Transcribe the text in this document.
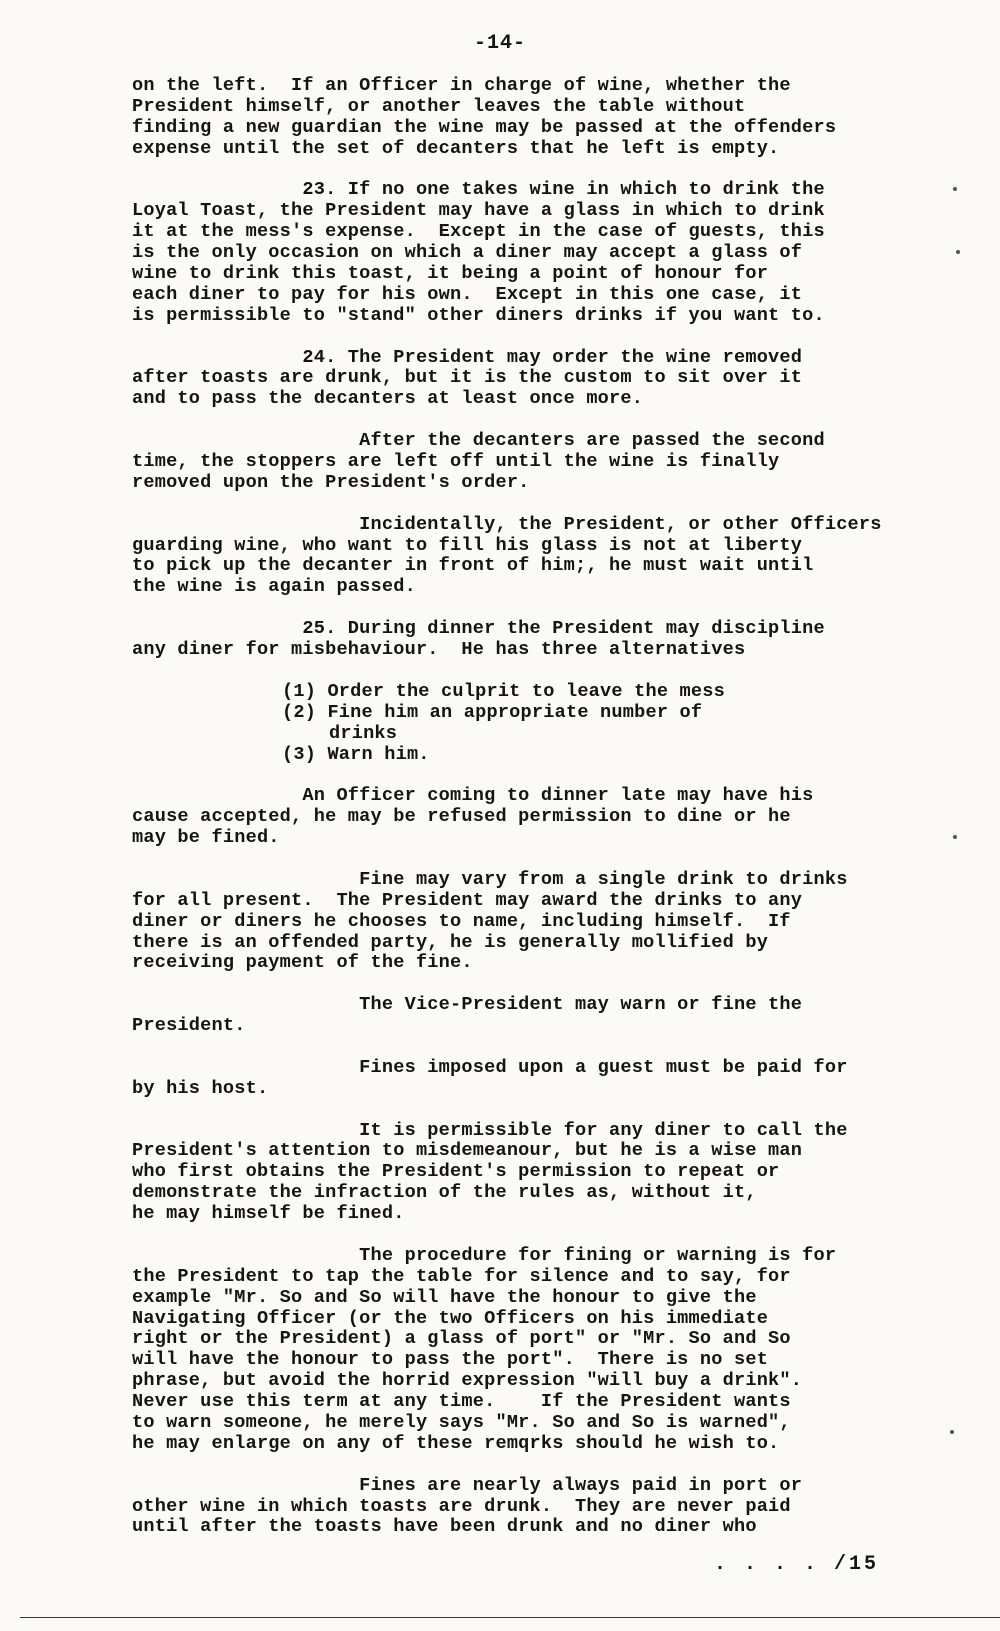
-14-
on the left.  If an Officer in charge of wine, whether the
President himself, or another leaves the table without
finding a new guardian the wine may be passed at the offenders
expense until the set of decanters that he left is empty.
23. If no one takes wine in which to drink the
Loyal Toast, the President may have a glass in which to drink
it at the mess's expense.  Except in the case of guests, this
is the only occasion on which a diner may accept a glass of
wine to drink this toast, it being a point of honour for
each diner to pay for his own.  Except in this one case, it
is permissible to "stand" other diners drinks if you want to.
24. The President may order the wine removed
after toasts are drunk, but it is the custom to sit over it
and to pass the decanters at least once more.
After the decanters are passed the second
time, the stoppers are left off until the wine is finally
removed upon the President's order.
Incidentally, the President, or other Officers
guarding wine, who want to fill his glass is not at liberty
to pick up the decanter in front of him;, he must wait until
the wine is again passed.
25. During dinner the President may discipline
any diner for misbehaviour.  He has three alternatives
(1) Order the culprit to leave the mess
(2) Fine him an appropriate number of
drinks
(3) Warn him.
An Officer coming to dinner late may have his
cause accepted, he may be refused permission to dine or he
may be fined.
Fine may vary from a single drink to drinks
for all present.  The President may award the drinks to any
diner or diners he chooses to name, including himself.  If
there is an offended party, he is generally mollified by
receiving payment of the fine.
The Vice-President may warn or fine the
President.
Fines imposed upon a guest must be paid for
by his host.
It is permissible for any diner to call the
President's attention to misdemeanour, but he is a wise man
who first obtains the President's permission to repeat or
demonstrate the infraction of the rules as, without it,
he may himself be fined.
The procedure for fining or warning is for
the President to tap the table for silence and to say, for
example "Mr. So and So will have the honour to give the
Navigating Officer (or the two Officers on his immediate
right or the President) a glass of port" or "Mr. So and So
will have the honour to pass the port".  There is no set
phrase, but avoid the horrid expression "will buy a drink".
Never use this term at any time.    If the President wants
to warn someone, he merely says "Mr. So and So is warned",
he may enlarge on any of these remqrks should he wish to.
Fines are nearly always paid in port or
other wine in which toasts are drunk.  They are never paid
until after the toasts have been drunk and no diner who
. . . . /15
